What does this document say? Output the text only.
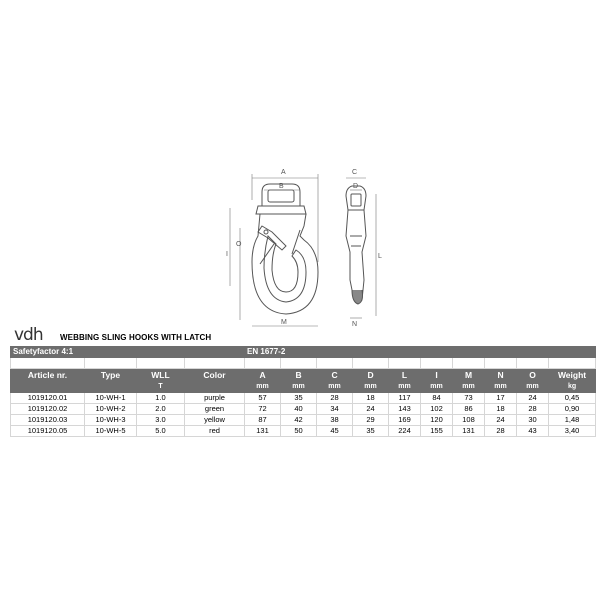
A
B
O
I
M
C
D
L
N
vdh WEBBING SLING HOOKS WITH LATCH
Safetyfactor 4:1				EN 1677-2									

Article nr.	Type	WLL	Color	A	B	C	D	L	I	M	N	O	Weight
		T		mm	mm	mm	mm	mm	mm	mm	mm	mm	kg
1019120.01	10-WH-1	1.0	purple	57	35	28	18	117	84	73	17	24	0,45
1019120.02	10-WH-2	2.0	green	72	40	34	24	143	102	86	18	28	0,90
1019120.03	10-WH-3	3.0	yellow	87	42	38	29	169	120	108	24	30	1,48
1019120.05	10-WH-5	5.0	red	131	50	45	35	224	155	131	28	43	3,40
